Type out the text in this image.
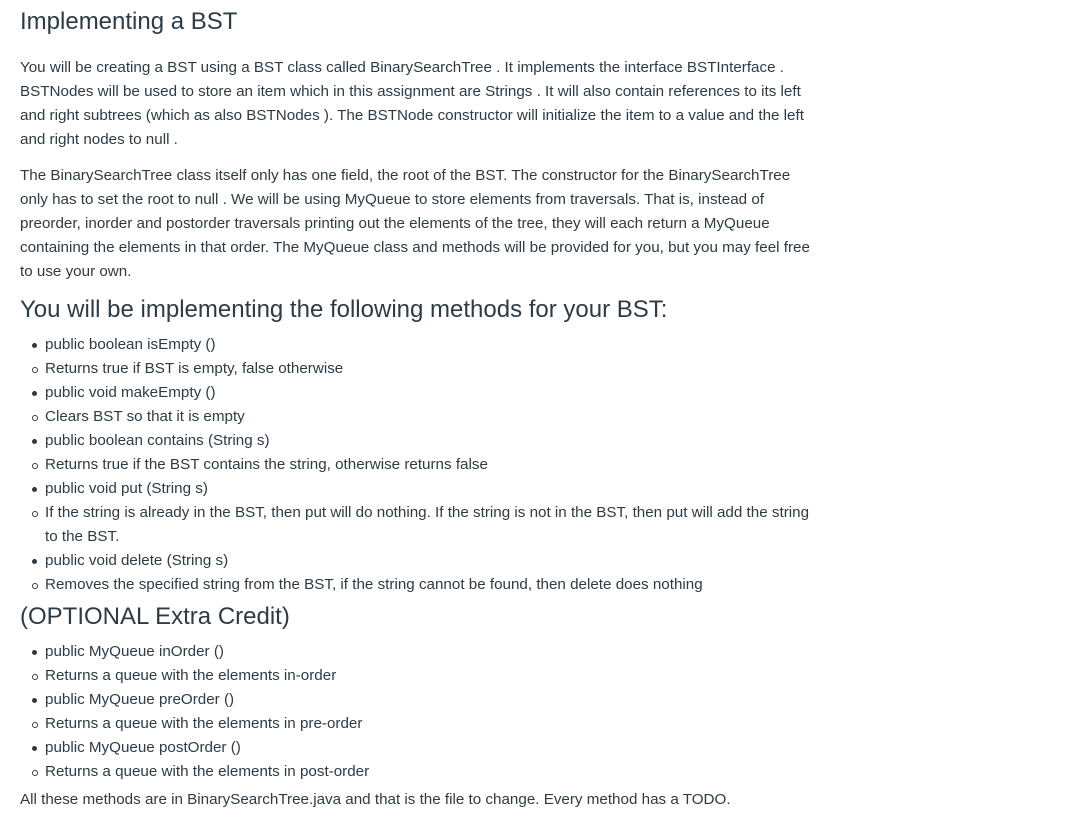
Implementing a BST

You will be creating a BST using a BST class called BinarySearchTree . It implements the interface BSTInterface . BSTNodes will be used to store an item which in this assignment are Strings . It will also contain references to its left and right subtrees (which as also BSTNodes ). The BSTNode constructor will initialize the item to a value and the left and right nodes to null .

The BinarySearchTree class itself only has one field, the root of the BST. The constructor for the BinarySearchTree only has to set the root to null . We will be using MyQueue to store elements from traversals. That is, instead of preorder, inorder and postorder traversals printing out the elements of the tree, they will each return a MyQueue containing the elements in that order. The MyQueue class and methods will be provided for you, but you may feel free to use your own.

You will be implementing the following methods for your BST:
public boolean isEmpty ()
Returns true if BST is empty, false otherwise
public void makeEmpty ()
Clears BST so that it is empty
public boolean contains (String s)
Returns true if the BST contains the string, otherwise returns false
public void put (String s)
If the string is already in the BST, then put will do nothing. If the string is not in the BST, then put will add the string to the BST.
public void delete (String s)
Removes the specified string from the BST, if the string cannot be found, then delete does nothing
(OPTIONAL Extra Credit)
public MyQueue inOrder ()
Returns a queue with the elements in-order
public MyQueue preOrder ()
Returns a queue with the elements in pre-order
public MyQueue postOrder ()
Returns a queue with the elements in post-order

All these methods are in BinarySearchTree.java and that is the file to change. Every method has a TODO.
